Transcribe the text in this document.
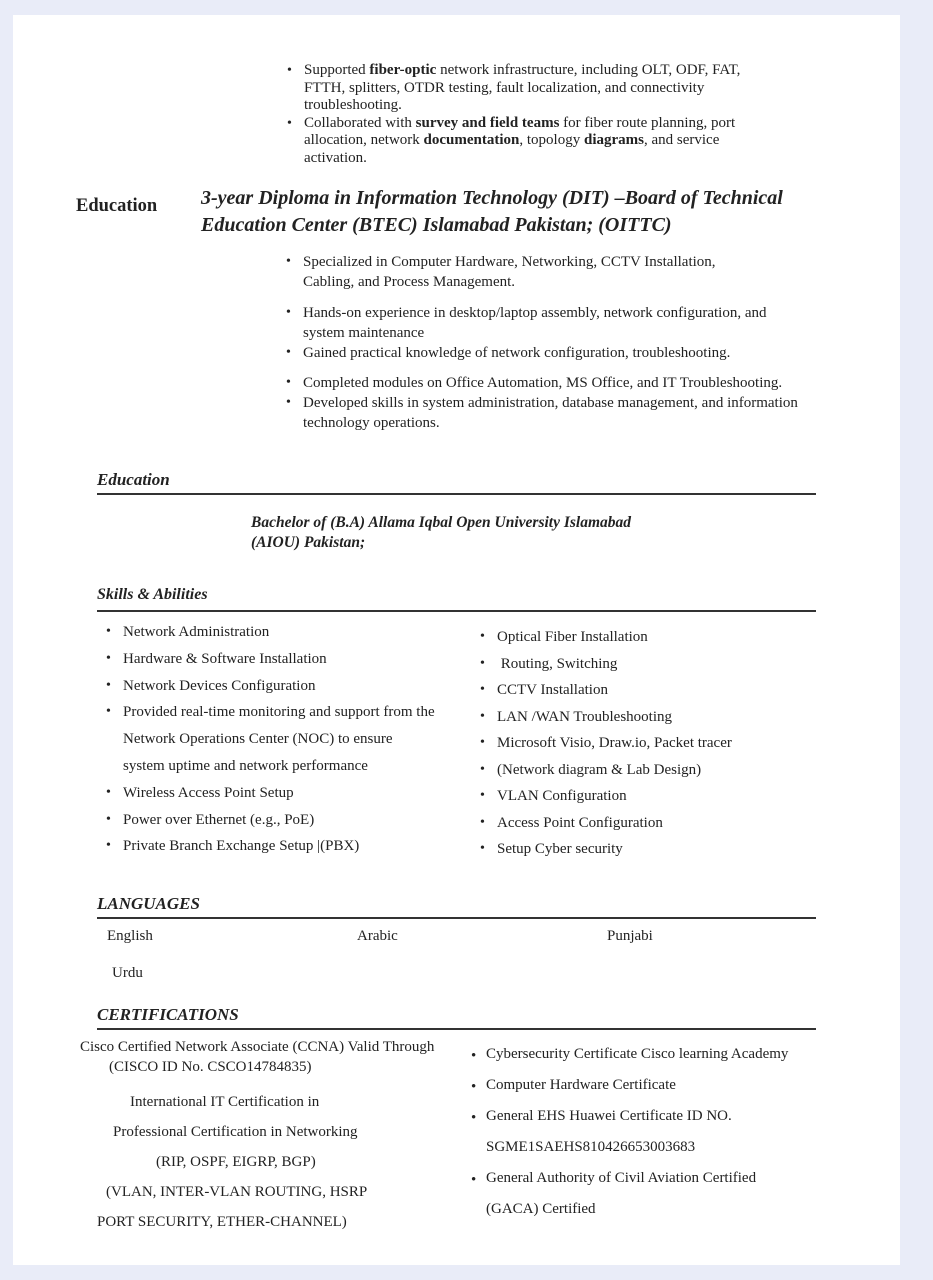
• Supported fiber-optic network infrastructure, including OLT, ODF, FAT, FTTH, splitters, OTDR testing, fault localization, and connectivity troubleshooting.
• Collaborated with survey and field teams for fiber route planning, port allocation, network documentation, topology diagrams, and service activation.
Education 3-year Diploma in Information Technology (DIT) –Board of Technical
Education Center (BTEC) Islamabad Pakistan; (OITTC)
• Specialized in Computer Hardware, Networking, CCTV Installation, Cabling, and Process Management.
• Hands-on experience in desktop/laptop assembly, network configuration, and system maintenance
• Gained practical knowledge of network configuration, troubleshooting.
• Completed modules on Office Automation, MS Office, and IT Troubleshooting.
• Developed skills in system administration, database management, and information technology operations.
Education
Bachelor of (B.A) Allama Iqbal Open University Islamabad
(AIOU) Pakistan;
Skills & Abilities
• Network Administration
• Hardware & Software Installation
• Network Devices Configuration
• Provided real-time monitoring and support from the Network Operations Center (NOC) to ensure system uptime and network performance
• Wireless Access Point Setup
• Power over Ethernet (e.g., PoE)
• Private Branch Exchange Setup |(PBX)
• Optical Fiber Installation
•  Routing, Switching
• CCTV Installation
• LAN /WAN Troubleshooting
• Microsoft Visio, Draw.io, Packet tracer
• (Network diagram & Lab Design)
• VLAN Configuration
• Access Point Configuration
• Setup Cyber security
LANGUAGES
English	Arabic	Punjabi
Urdu
CERTIFICATIONS
Cisco Certified Network Associate (CCNA) Valid Through
(CISCO ID No. CSCO14784835)
International IT Certification in
Professional Certification in Networking
(RIP, OSPF, EIGRP, BGP)
(VLAN, INTER-VLAN ROUTING, HSRP
PORT SECURITY, ETHER-CHANNEL)
• Cybersecurity Certificate Cisco learning Academy
• Computer Hardware Certificate
• General EHS Huawei Certificate ID NO.
SGME1SAEHS810426653003683
• General Authority of Civil Aviation Certified
(GACA) Certified
